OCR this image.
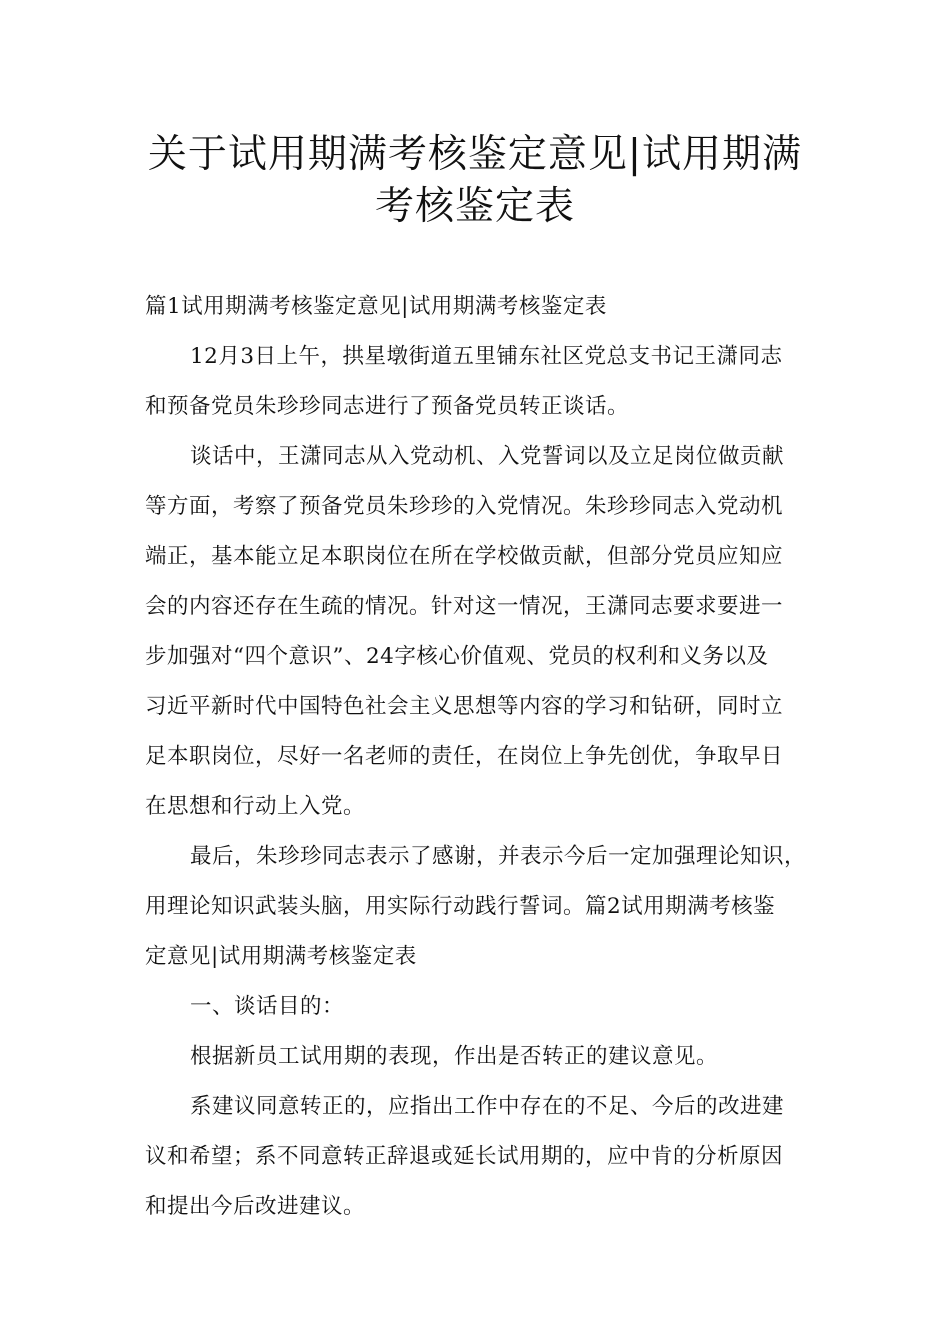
关于试用期满考核鉴定意见|试用期满
考核鉴定表
篇1试用期满考核鉴定意见|试用期满考核鉴定表
12月3日上午，拱星墩街道五里铺东社区党总支书记王潇同志
和预备党员朱珍珍同志进行了预备党员转正谈话。
谈话中，王潇同志从入党动机、入党誓词以及立足岗位做贡献
等方面，考察了预备党员朱珍珍的入党情况。朱珍珍同志入党动机
端正，基本能立足本职岗位在所在学校做贡献，但部分党员应知应
会的内容还存在生疏的情况。针对这一情况，王潇同志要求要进一
步加强对“四个意识”、24字核心价值观、党员的权利和义务以及
习近平新时代中国特色社会主义思想等内容的学习和钻研，同时立
足本职岗位，尽好一名老师的责任，在岗位上争先创优，争取早日
在思想和行动上入党。
最后，朱珍珍同志表示了感谢，并表示今后一定加强理论知识，
用理论知识武装头脑，用实际行动践行誓词。篇2试用期满考核鉴
定意见|试用期满考核鉴定表
一、谈话目的：
根据新员工试用期的表现，作出是否转正的建议意见。
系建议同意转正的，应指出工作中存在的不足、今后的改进建
议和希望；系不同意转正辞退或延长试用期的，应中肯的分析原因
和提出今后改进建议。
